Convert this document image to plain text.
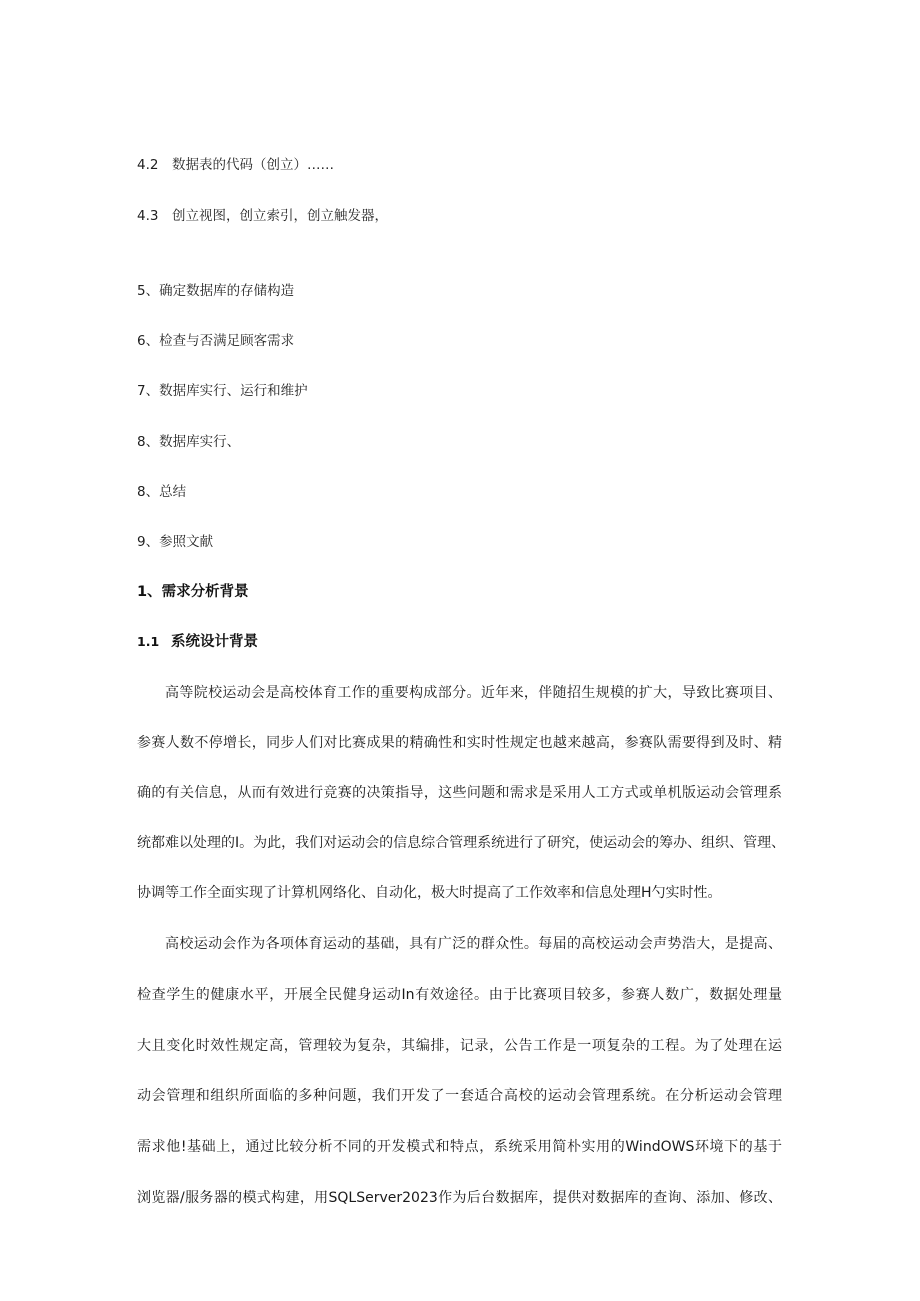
4.2 数据表的代码（创立）……
4.3 创立视图，创立索引，创立触发器，
5、确定数据库的存储构造
6、检查与否满足顾客需求
7、数据库实行、运行和维护
8、数据库实行、
8、总结
9、参照文献
1、需求分析背景
1.1 系统设计背景
高等院校运动会是高校体育工作的重要构成部分。近年来，伴随招生规模的扩大，导致比赛项目、
参赛人数不停增长，同步人们对比赛成果的精确性和实时性规定也越来越高，参赛队需要得到及时、精
确的有关信息，从而有效进行竞赛的决策指导，这些问题和需求是采用人工方式或单机版运动会管理系
统都难以处理的I。为此，我们对运动会的信息综合管理系统进行了研究，使运动会的筹办、组织、管理、
协调等工作全面实现了计算机网络化、自动化，极大时提高了工作效率和信息处理H勺实时性。
高校运动会作为各项体育运动的基础，具有广泛的群众性。每届的高校运动会声势浩大，是提高、
检查学生的健康水平，开展全民健身运动In有效途径。由于比赛项目较多，参赛人数广，数据处理量
大且变化时效性规定高，管理较为复杂，其编排，记录，公告工作是一项复杂的工程。为了处理在运
动会管理和组织所面临的多种问题，我们开发了一套适合高校的运动会管理系统。在分析运动会管理
需求他!基础上，通过比较分析不同的开发模式和特点，系统采用简朴实用的WindOWS环境下的基于
浏览器/服务器的模式构建，用SQLServer2023作为后台数据库，提供对数据库的查询、添加、修改、
